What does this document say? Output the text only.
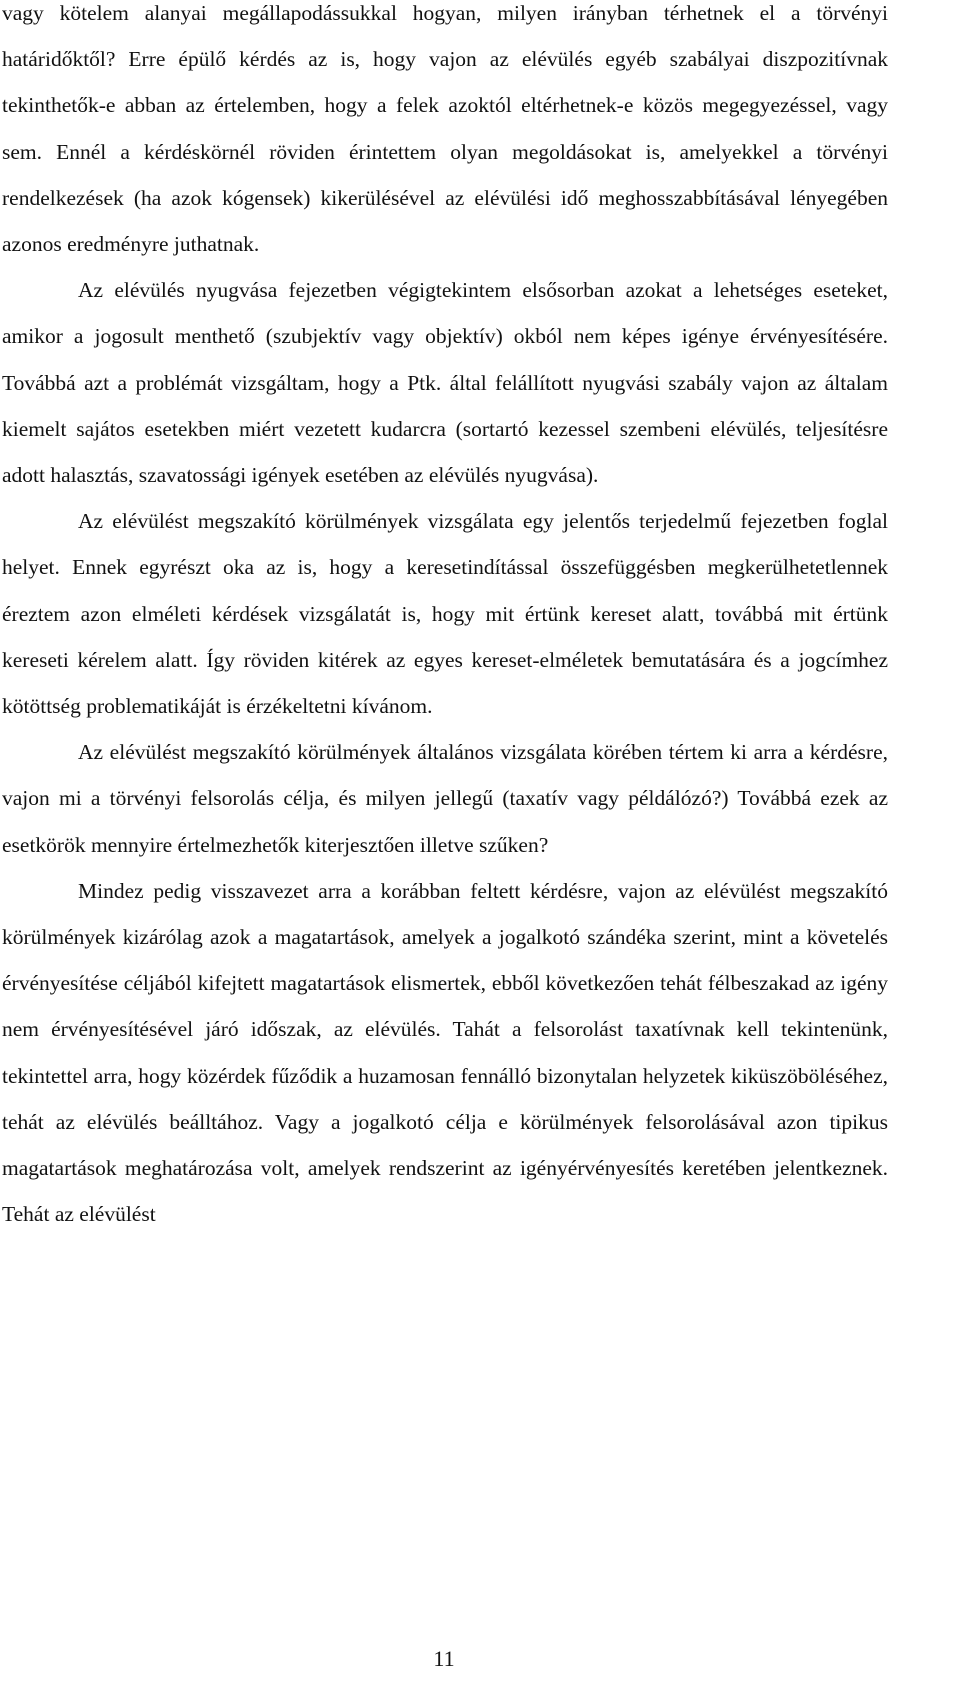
vagy kötelem alanyai megállapodássukkal hogyan, milyen irányban térhetnek el a törvényi határidőktől? Erre épülő kérdés az is, hogy vajon az elévülés egyéb szabályai diszpozitívnak tekinthetők-e abban az értelemben, hogy a felek azoktól eltérhetnek-e közös megegyezéssel, vagy sem. Ennél a kérdéskörnél röviden érintettem olyan megoldásokat is, amelyekkel a törvényi rendelkezések (ha azok kógensek) kikerülésével az elévülési idő meghosszabbításával lényegében azonos eredményre juthatnak.

Az elévülés nyugvása fejezetben végigtekintem elsősorban azokat a lehetséges eseteket, amikor a jogosult menthető (szubjektív vagy objektív) okból nem képes igénye érvényesítésére. Továbbá azt a problémát vizsgáltam, hogy a Ptk. által felállított nyugvási szabály vajon az általam kiemelt sajátos esetekben miért vezetett kudarcra (sortartó kezessel szembeni elévülés, teljesítésre adott halasztás, szavatossági igények esetében az elévülés nyugvása).

Az elévülést megszakító körülmények vizsgálata egy jelentős terjedelmű fejezetben foglal helyet. Ennek egyrészt oka az is, hogy a keresetindítással összefüggésben megkerülhetetlennek éreztem azon elméleti kérdések vizsgálatát is, hogy mit értünk kereset alatt, továbbá mit értünk kereseti kérelem alatt. Így röviden kitérek az egyes kereset-elméletek bemutatására és a jogcímhez kötöttség problematikáját is érzékeltetni kívánom.

Az elévülést megszakító körülmények általános vizsgálata körében tértem ki arra a kérdésre, vajon mi a törvényi felsorolás célja, és milyen jellegű (taxatív vagy példálózó?) Továbbá ezek az esetkörök mennyire értelmezhetők kiterjesztően illetve szűken?

Mindez pedig visszavezet arra a korábban feltett kérdésre, vajon az elévülést megszakító körülmények kizárólag azok a magatartások, amelyek a jogalkotó szándéka szerint, mint a követelés érvényesítése céljából kifejtett magatartások elismertek, ebből következően tehát félbeszakad az igény nem érvényesítésével járó időszak, az elévülés. Tahát a felsorolást taxatívnak kell tekintenünk, tekintettel arra, hogy közérdek fűződik a huzamosan fennálló bizonytalan helyzetek kiküszöböléséhez, tehát az elévülés beálltához. Vagy a jogalkotó célja e körülmények felsorolásával azon tipikus magatartások meghatározása volt, amelyek rendszerint az igényérvényesítés keretében jelentkeznek. Tehát az elévülést

11
